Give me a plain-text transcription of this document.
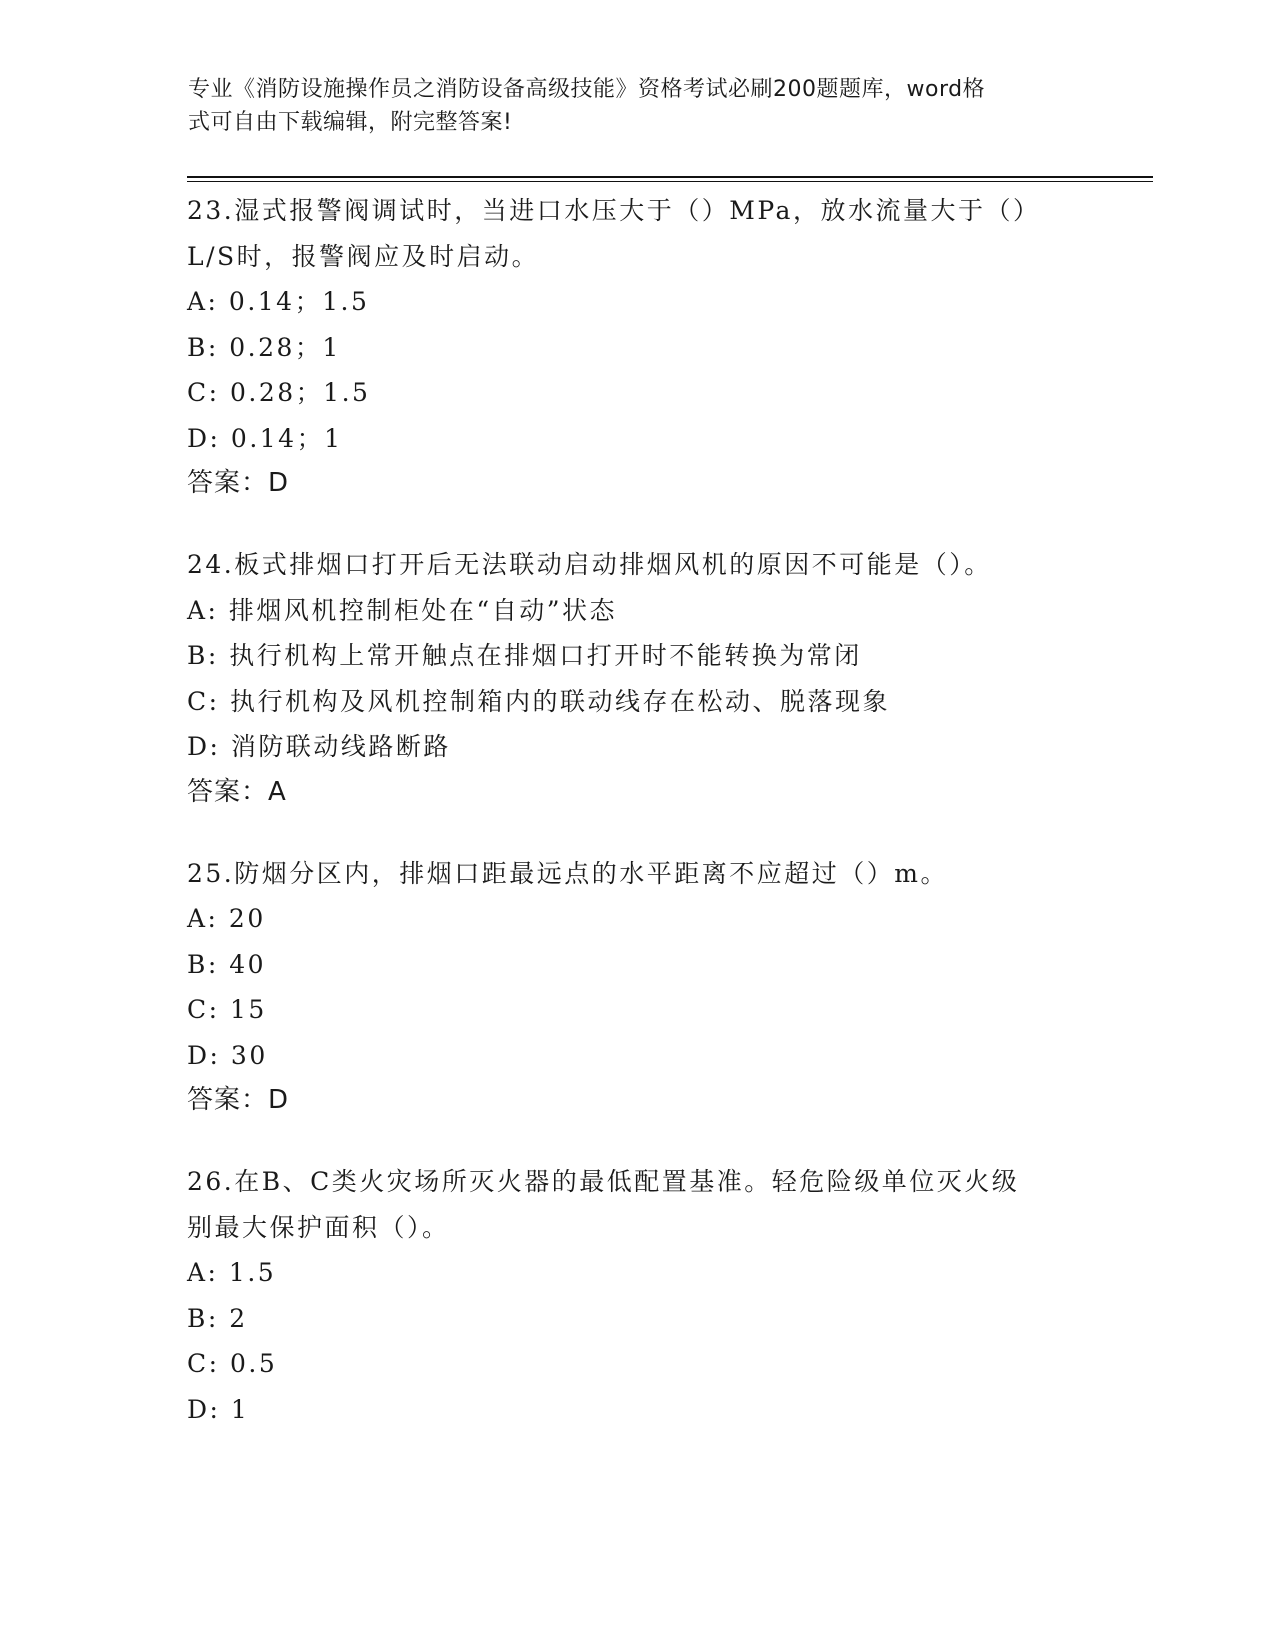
专业《消防设施操作员之消防设备高级技能》资格考试必刷200题题库，word格
式可自由下载编辑，附完整答案!

23.湿式报警阀调试时，当进口水压大于（）MPa，放水流量大于（）

L/S时，报警阀应及时启动。

A: 0.14；1.5

B: 0.28；1

C: 0.28；1.5

D: 0.14；1

答案：D

24.板式排烟口打开后无法联动启动排烟风机的原因不可能是（）。

A: 排烟风机控制柜处在“自动”状态

B: 执行机构上常开触点在排烟口打开时不能转换为常闭

C: 执行机构及风机控制箱内的联动线存在松动、脱落现象

D: 消防联动线路断路

答案：A

25.防烟分区内，排烟口距最远点的水平距离不应超过（）m。

A: 20

B: 40

C: 15

D: 30

答案：D

26.在B、C类火灾场所灭火器的最低配置基准。轻危险级单位灭火级

别最大保护面积（）。

A: 1.5

B: 2

C: 0.5

D: 1
